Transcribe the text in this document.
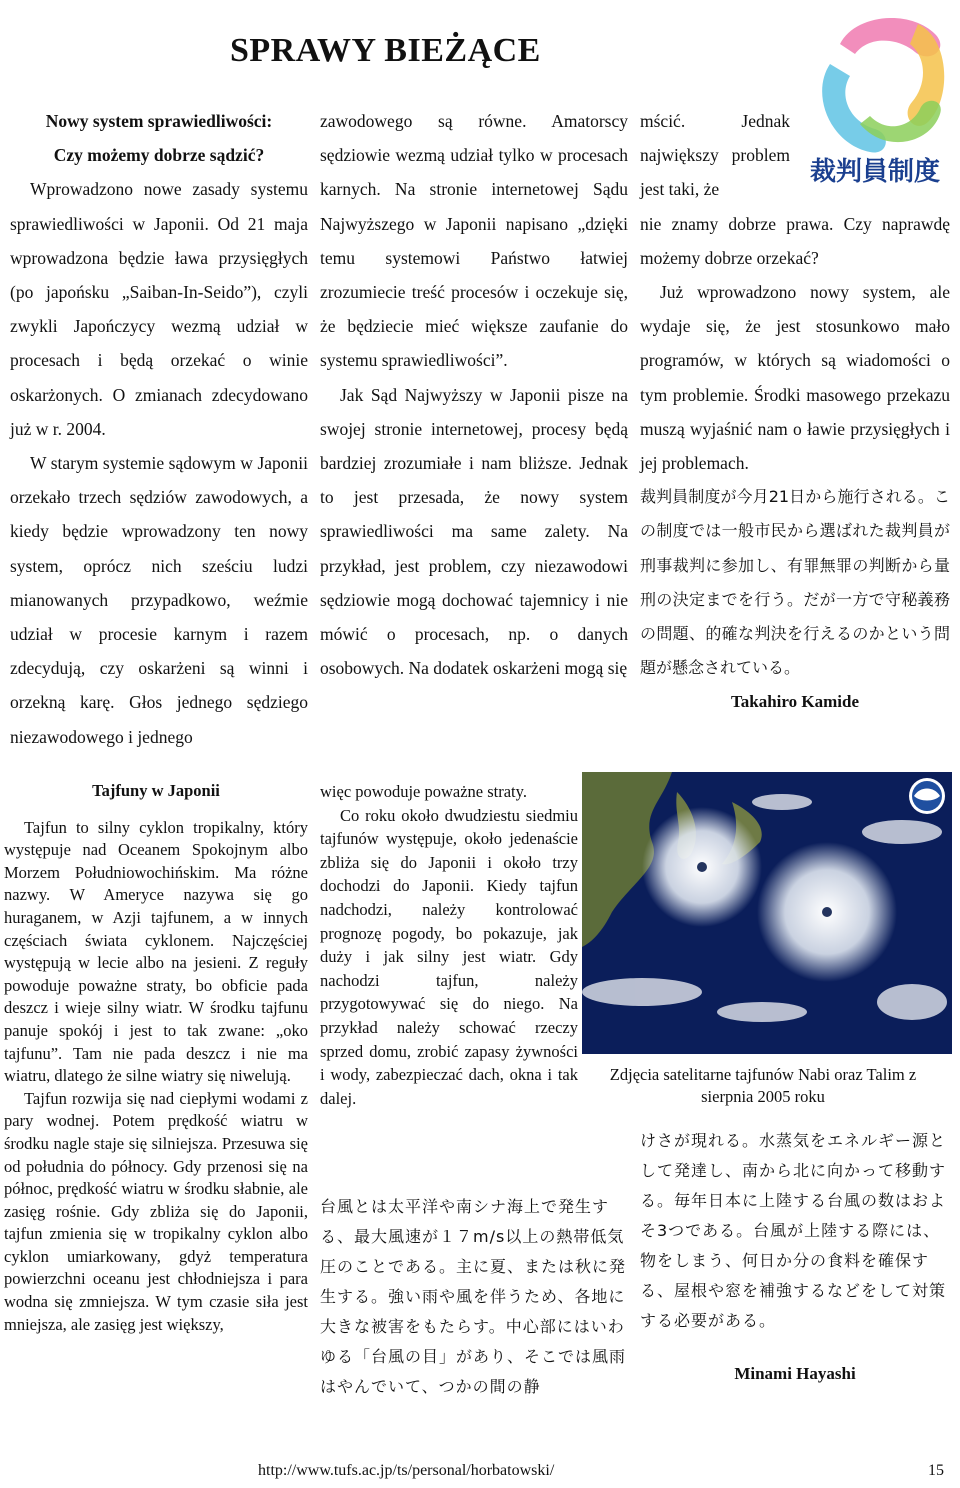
SPRAWY BIEŻĄCE
裁判員制度

Nowy system sprawiedliwości:

Czy możemy dobrze sądzić?

Wprowadzono nowe zasady systemu sprawiedliwości w Japonii. Od 21 maja wprowadzona będzie ława przysięgłych (po japońsku „Saiban-In-Seido”), czyli zwykli Japończycy wezmą udział w procesach i będą orzekać o winie oskarżonych. O zmianach zdecydowano już w r. 2004.

W starym systemie sądowym w Japonii orzekało trzech sędziów zawodowych, a kiedy będzie wprowadzony ten nowy system, oprócz nich sześciu ludzi mianowanych przypadkowo, weźmie udział w procesie karnym i razem zdecydują, czy oskarżeni są winni i orzekną karę. Głos jednego sędziego niezawodowego i jednego

zawodowego są równe. Amatorscy sędziowie wezmą udział tylko w procesach karnych. Na stronie internetowej Sądu Najwyższego w Japonii napisano „dzięki temu systemowi Państwo łatwiej zrozumiecie treść procesów i oczekuje się, że będziecie mieć większe zaufanie do systemu sprawiedliwości”.

Jak Sąd Najwyższy w Japonii pisze na swojej stronie internetowej, procesy będą bardziej zrozumiałe i nam bliższe. Jednak to jest przesada, że nowy system sprawiedliwości ma same zalety. Na przykład, jest problem, czy niezawodowi sędziowie mogą dochować tajemnicy i nie mówić o procesach, np. o danych osobowych. Na dodatek oskarżeni mogą się

mścić. Jednak największy problem jest taki, że

nie znamy dobrze prawa. Czy naprawdę możemy dobrze orzekać?

Już wprowadzono nowy system, ale wydaje się, że jest stosunkowo mało programów, w których są wiadomości o tym problemie. Środki masowego przekazu muszą wyjaśnić nam o ławie przysięgłych i jej problemach.

裁判員制度が今月21日から施行される。この制度では一般市民から選ばれた裁判員が刑事裁判に参加し、有罪無罪の判断から量刑の決定までを行う。だが一方で守秘義務の問題、的確な判決を行えるのかという問題が懸念されている。

Takahiro Kamide

Tajfuny w Japonii

Tajfun to silny cyklon tropikalny, który występuje nad Oceanem Spokojnym albo Morzem Południowochińskim. Ma różne nazwy. W Ameryce nazywa się go huraganem, w Azji tajfunem, a w innych częściach świata cyklonem. Najczęściej występują w lecie albo na jesieni. Z reguły powoduje poważne straty, bo obficie pada deszcz i wieje silny wiatr. W środku tajfunu panuje spokój i jest to tak zwane: „oko tajfunu”. Tam nie pada deszcz i nie ma wiatru, dlatego że silne wiatry się niwelują.

Tajfun rozwija się nad ciepłymi wodami z pary wodnej. Potem prędkość wiatru w środku nagle staje się silniejsza. Przesuwa się od południa do północy. Gdy przenosi się na północ, prędkość wiatru w środku słabnie, ale zasięg rośnie. Gdy zbliża się do Japonii, tajfun zmienia się w tropikalny cyklon albo cyklon umiarkowany, gdyż temperatura powierzchni oceanu jest chłodniejsza i para wodna się zmniejsza. W tym czasie siła jest mniejsza, ale zasięg jest większy,

więc powoduje poważne straty.

Co roku około dwudziestu siedmiu tajfunów występuje, około jedenaście zbliża się do Japonii i około trzy dochodzi do Japonii. Kiedy tajfun nadchodzi, należy kontrolować prognozę pogody, bo pokazuje, jak duży i jak silny jest wiatr. Gdy nachodzi tajfun, należy przygotowywać się do niego. Na przykład należy schować rzeczy sprzed domu, zrobić zapasy żywności i wody, zabezpieczać dach, okna i tak dalej.

Zdjęcia satelitarne tajfunów Nabi oraz Talim z sierpnia 2005 roku

台風とは太平洋や南シナ海上で発生する、最大風速が１７m/s以上の熱帯低気圧のことである。主に夏、または秋に発生する。強い雨や風を伴うため、各地に大きな被害をもたらす。中心部にはいわゆる「台風の目」があり、そこでは風雨はやんでいて、つかの間の静

けさが現れる。水蒸気をエネルギー源として発達し、南から北に向かって移動する。毎年日本に上陸する台風の数はおよそ3つである。台風が上陸する際には、物をしまう、何日か分の食料を確保する、屋根や窓を補強するなどをして対策する必要がある。

Minami Hayashi

http://www.tufs.ac.jp/ts/personal/horbatowski/	15
